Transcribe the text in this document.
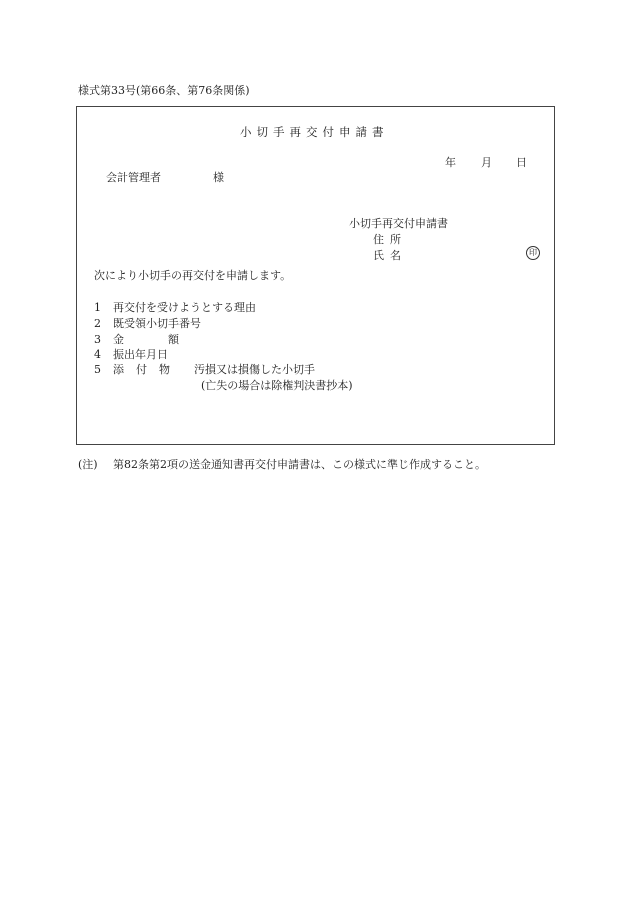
様式第33号(第66条、第76条関係)
小切手再交付申請書
年 月 日
会計管理者	様
小切手再交付申請書
住所
氏名	印
次により小切手の再交付を申請します。
1 再交付を受けようとする理由
2 既受領小切手番号
3 金	額
4 振出年月日
5 添 付 物 汚損又は損傷した小切手
(亡失の場合は除権判決書抄本)
(注) 第82条第2項の送金通知書再交付申請書は、この様式に準じ作成すること。
